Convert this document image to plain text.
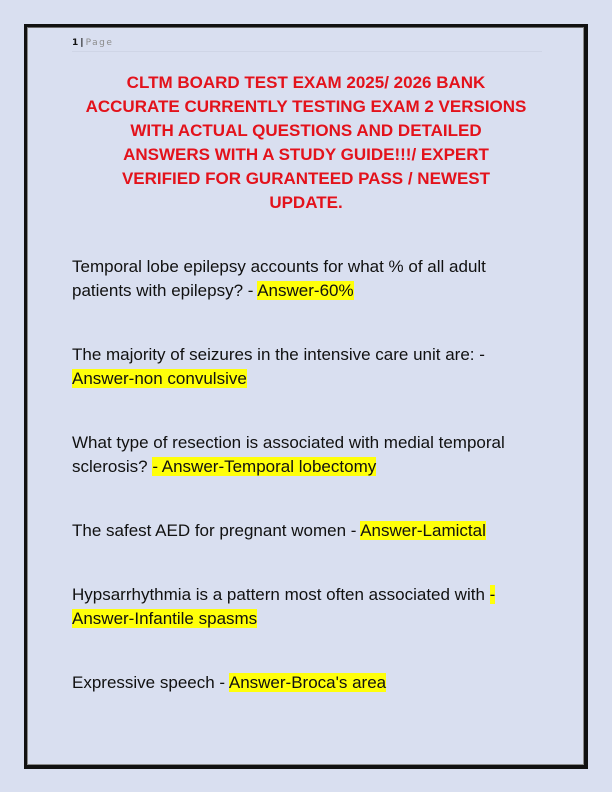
1 | Page
CLTM BOARD TEST EXAM 2025/ 2026 BANK
ACCURATE CURRENTLY TESTING EXAM 2 VERSIONS
WITH ACTUAL QUESTIONS AND DETAILED
ANSWERS WITH A STUDY GUIDE!!!/ EXPERT
VERIFIED FOR GURANTEED PASS / NEWEST
UPDATE.
Temporal lobe epilepsy accounts for what % of all adult patients with epilepsy? - Answer-60%
The majority of seizures in the intensive care unit are: - Answer-non convulsive
What type of resection is associated with medial temporal sclerosis? - Answer-Temporal lobectomy
The safest AED for pregnant women - Answer-Lamictal
Hypsarrhythmia is a pattern most often associated with - Answer-Infantile spasms
Expressive speech - Answer-Broca's area
